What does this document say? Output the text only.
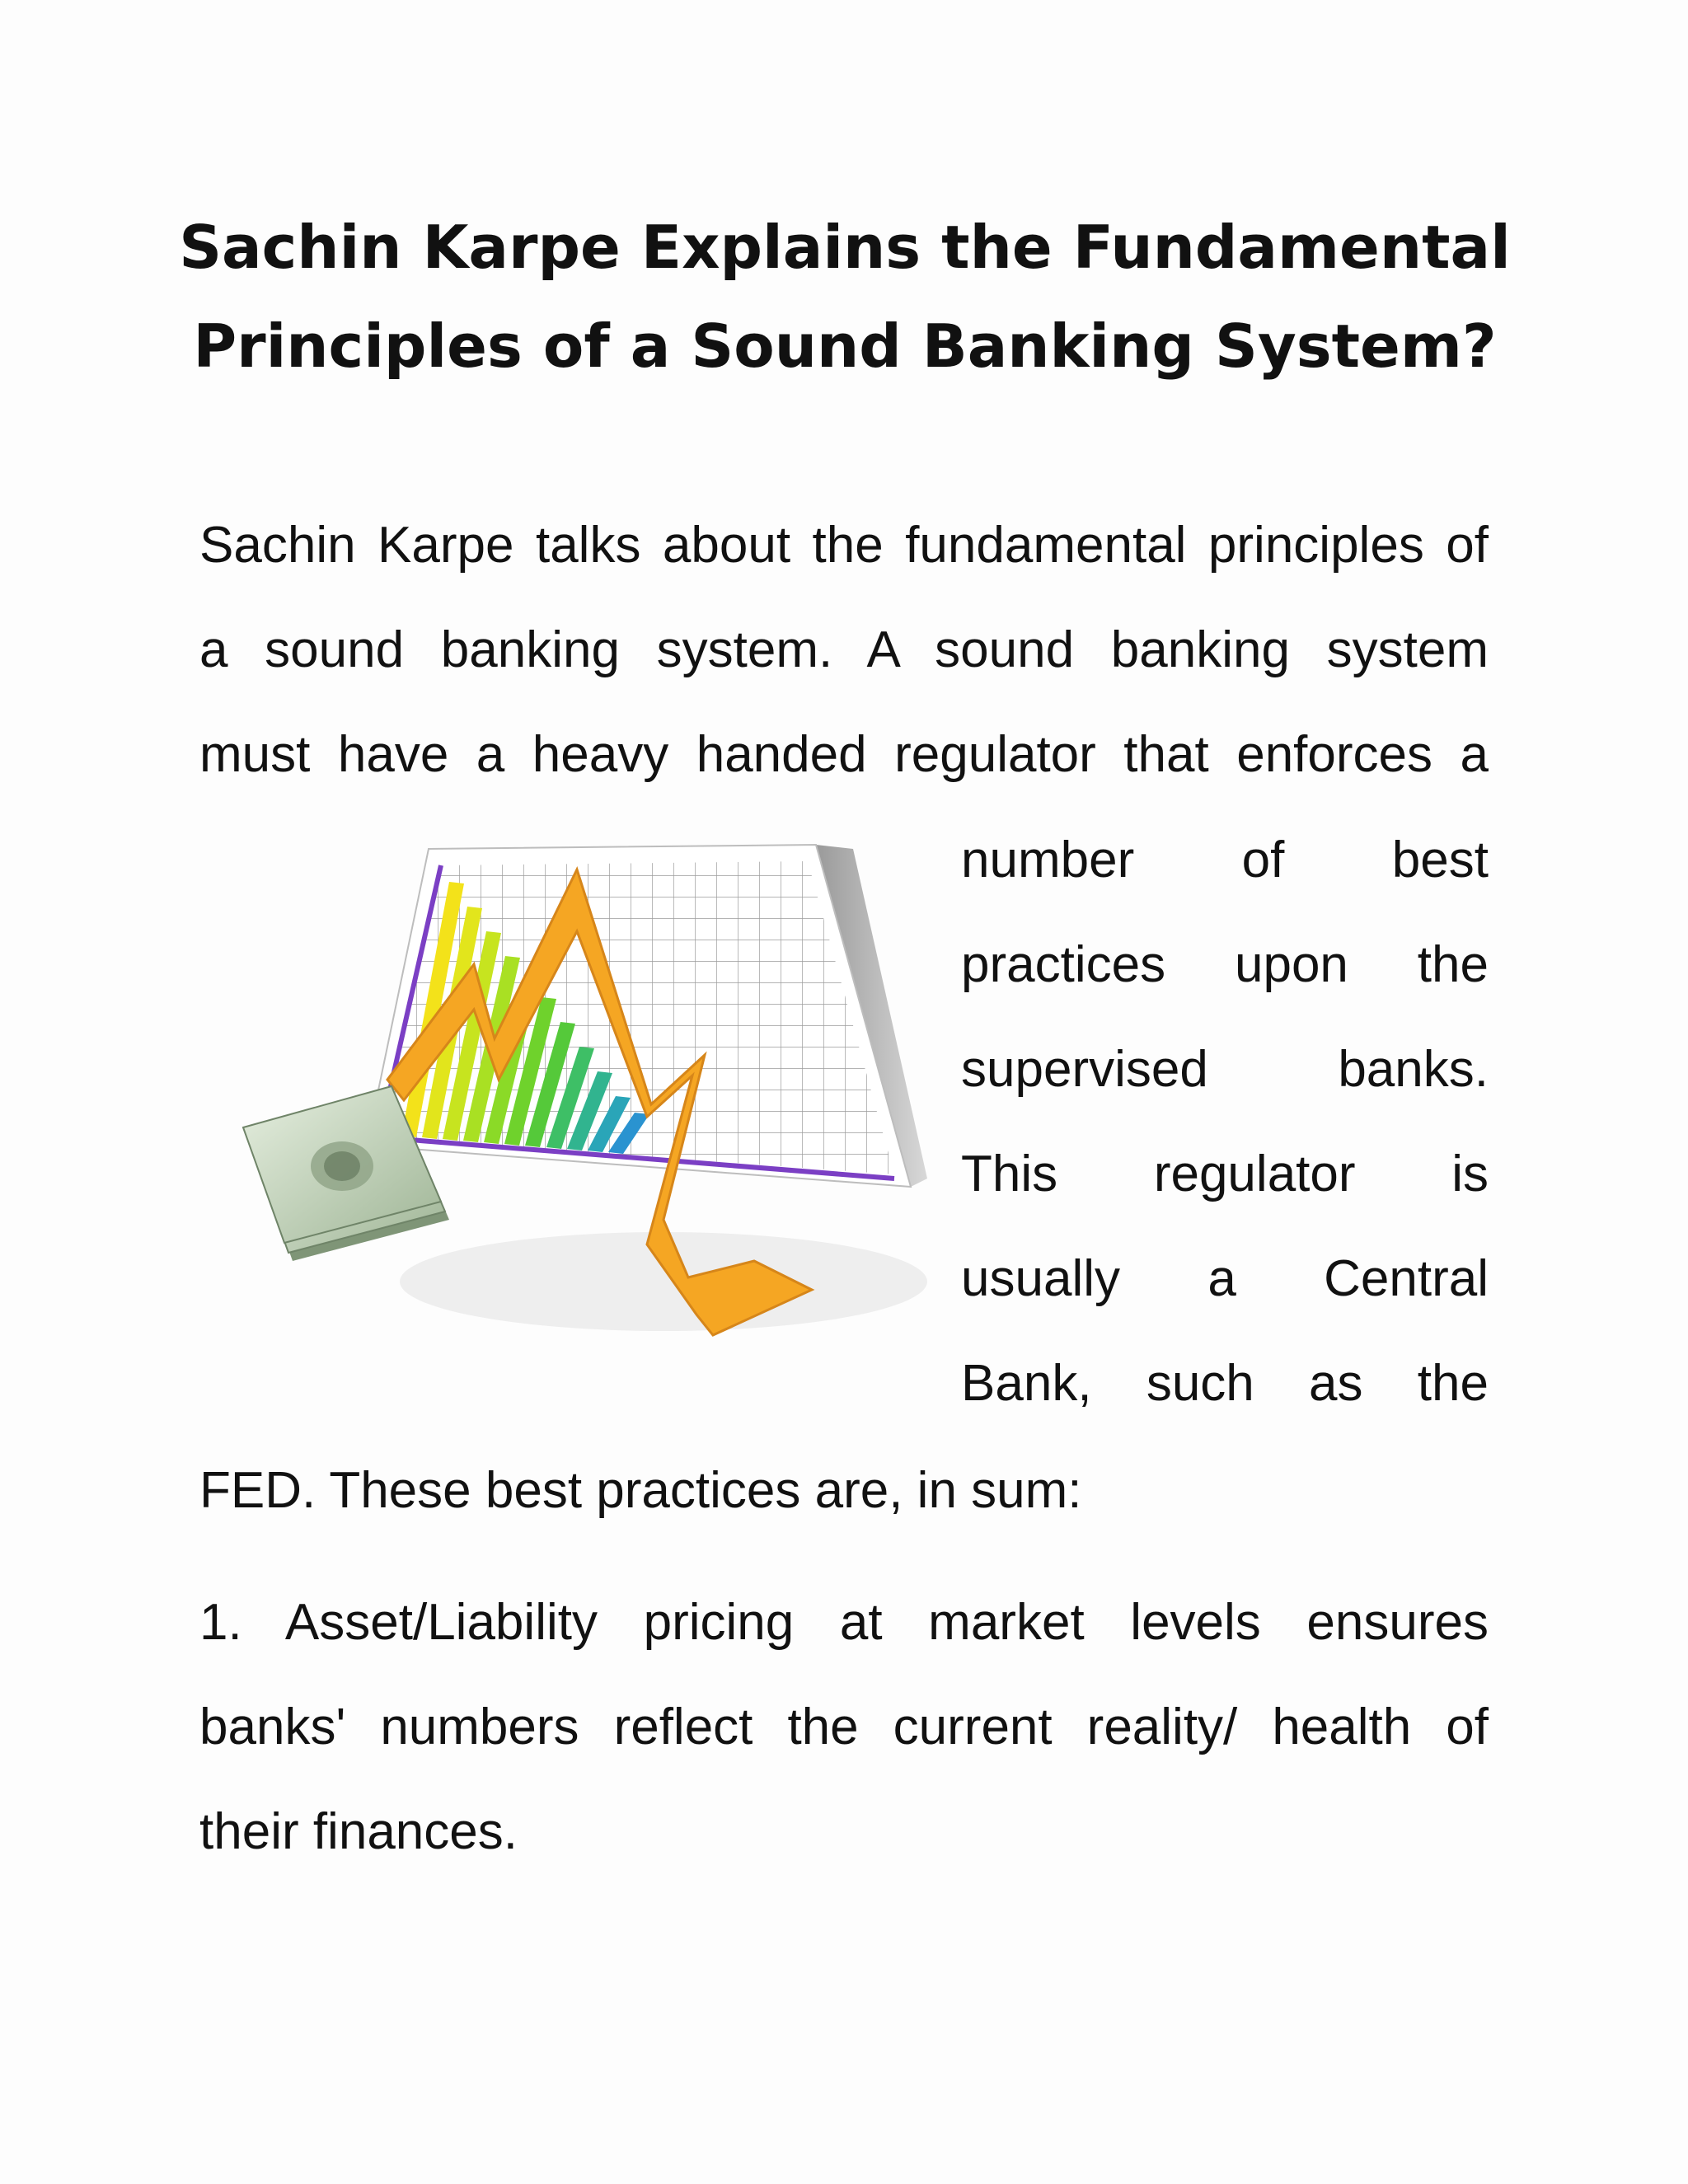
Sachin Karpe Explains the Fundamental
Principles of a Sound Banking System?

Sachin Karpe talks about the fundamental principles of
a sound banking system. A sound banking system
must have a heavy handed regulator that enforces a

number of best
practices upon the
supervised banks.
This regulator is
usually a Central
Bank, such as the

FED. These best practices are, in sum:

1. Asset/Liability pricing at market levels ensures
banks' numbers reflect the current reality/ health of
their finances.
